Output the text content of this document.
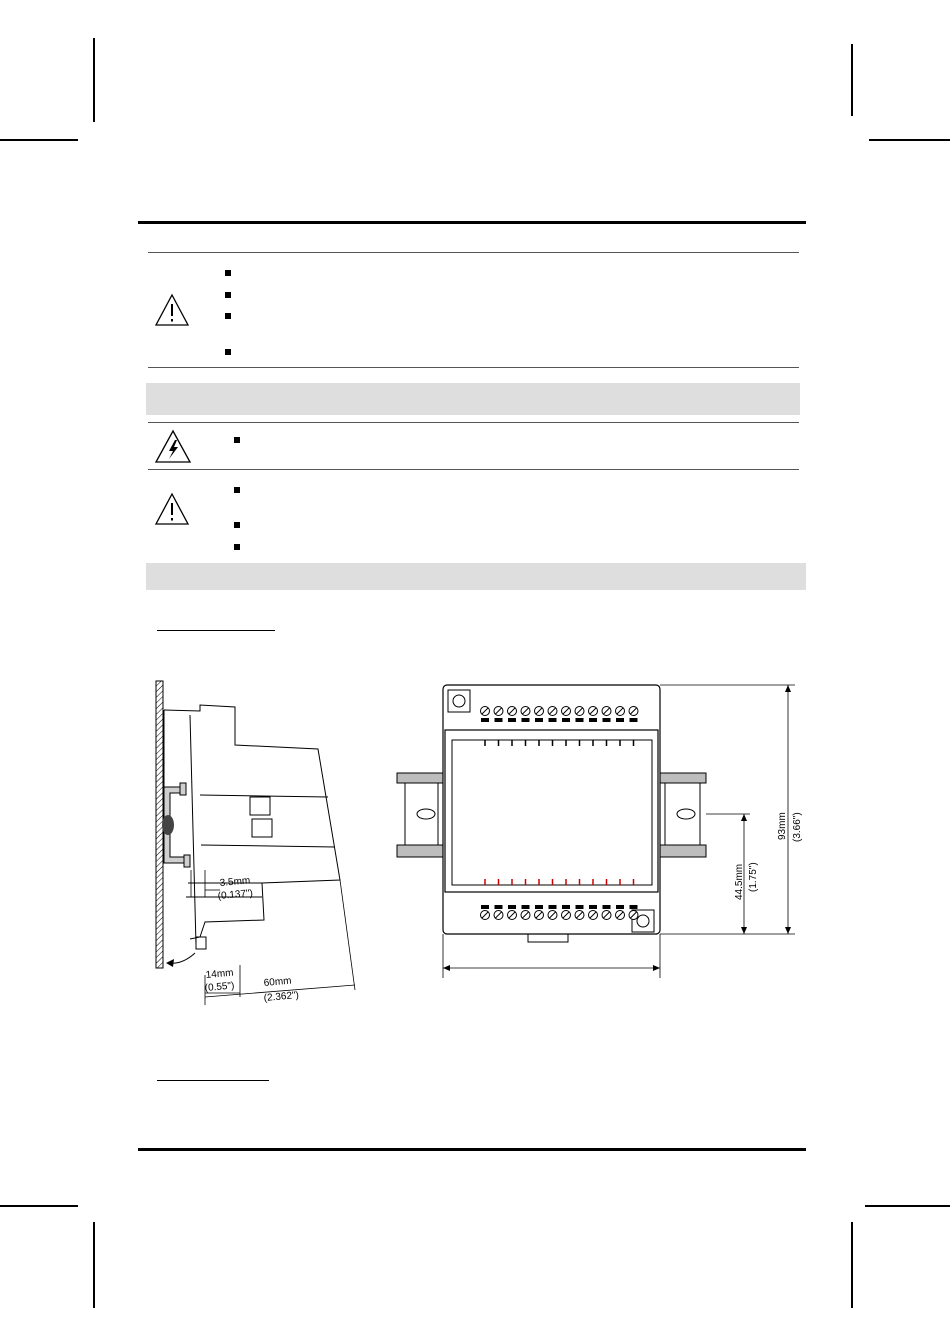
3.5mm
(0.137")
14mm
(0.55")	60mm
(2.362")
93mm (3.66")
44.5mm (1.75")
